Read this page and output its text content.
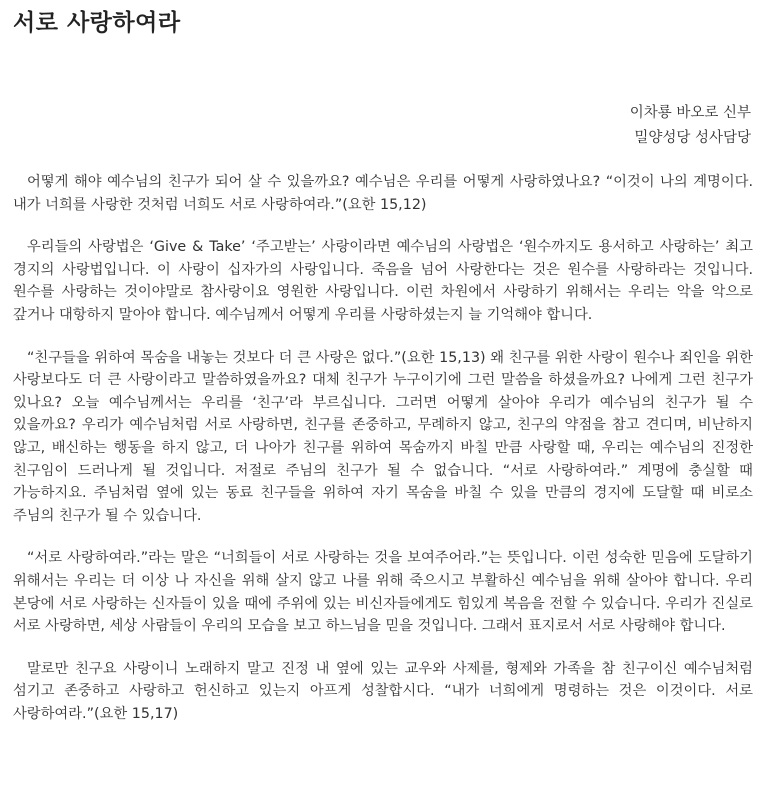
서로 사랑하여라
이차룡 바오로 신부
밀양성당 성사담당

어떻게 해야 예수님의 친구가 되어 살 수 있을까요? 예수님은 우리를 어떻게 사랑하였나요? “이것이 나의 계명이다. 내가 너희를 사랑한 것처럼 너희도 서로 사랑하여라.”(요한 15,12)

우리들의 사랑법은 ‘Give & Take’ ‘주고받는’ 사랑이라면 예수님의 사랑법은 ‘원수까지도 용서하고 사랑하는’ 최고 경지의 사랑법입니다. 이 사랑이 십자가의 사랑입니다. 죽음을 넘어 사랑한다는 것은 원수를 사랑하라는 것입니다. 원수를 사랑하는 것이야말로 참사랑이요 영원한 사랑입니다. 이런 차원에서 사랑하기 위해서는 우리는 악을 악으로 갚거나 대항하지 말아야 합니다. 예수님께서 어떻게 우리를 사랑하셨는지 늘 기억해야 합니다.

“친구들을 위하여 목숨을 내놓는 것보다 더 큰 사랑은 없다.”(요한 15,13) 왜 친구를 위한 사랑이 원수나 죄인을 위한 사랑보다도 더 큰 사랑이라고 말씀하였을까요? 대체 친구가 누구이기에 그런 말씀을 하셨을까요? 나에게 그런 친구가 있나요? 오늘 예수님께서는 우리를 ‘친구’라 부르십니다. 그러면 어떻게 살아야 우리가 예수님의 친구가 될 수 있을까요? 우리가 예수님처럼 서로 사랑하면, 친구를 존중하고, 무례하지 않고, 친구의 약점을 참고 견디며, 비난하지 않고, 배신하는 행동을 하지 않고, 더 나아가 친구를 위하여 목숨까지 바칠 만큼 사랑할 때, 우리는 예수님의 진정한 친구임이 드러나게 될 것입니다. 저절로 주님의 친구가 될 수 없습니다. “서로 사랑하여라.” 계명에 충실할 때 가능하지요. 주님처럼 옆에 있는 동료 친구들을 위하여 자기 목숨을 바칠 수 있을 만큼의 경지에 도달할 때 비로소 주님의 친구가 될 수 있습니다.

“서로 사랑하여라.”라는 말은 “너희들이 서로 사랑하는 것을 보여주어라.”는 뜻입니다. 이런 성숙한 믿음에 도달하기 위해서는 우리는 더 이상 나 자신을 위해 살지 않고 나를 위해 죽으시고 부활하신 예수님을 위해 살아야 합니다. 우리 본당에 서로 사랑하는 신자들이 있을 때에 주위에 있는 비신자들에게도 힘있게 복음을 전할 수 있습니다. 우리가 진실로 서로 사랑하면, 세상 사람들이 우리의 모습을 보고 하느님을 믿을 것입니다. 그래서 표지로서 서로 사랑해야 합니다.

말로만 친구요 사랑이니 노래하지 말고 진정 내 옆에 있는 교우와 사제를, 형제와 가족을 참 친구이신 예수님처럼 섬기고 존중하고 사랑하고 헌신하고 있는지 아프게 성찰합시다. “내가 너희에게 명령하는 것은 이것이다. 서로 사랑하여라.”(요한 15,17)
